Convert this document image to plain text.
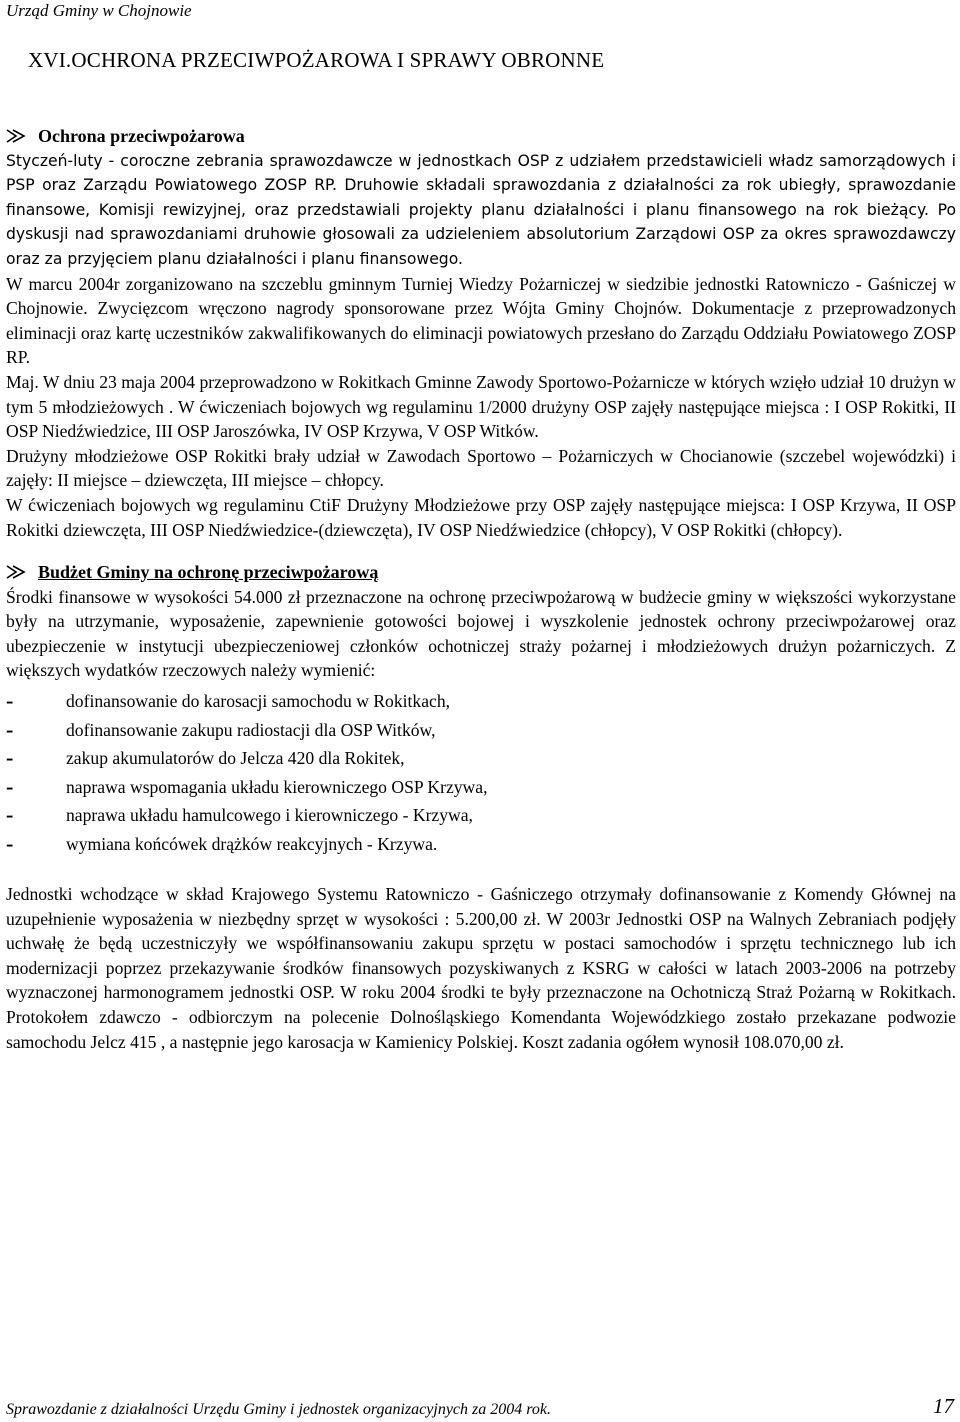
Urząd Gminy w Chojnowie
XVI.OCHRONA PRZECIWPOŻAROWA I SPRAWY OBRONNE
Ochrona przeciwpożarowa

Styczeń-luty - coroczne zebrania sprawozdawcze w jednostkach OSP z udziałem przedstawicieli władz samorządowych i PSP oraz Zarządu Powiatowego ZOSP RP. Druhowie składali sprawozdania z działalności za rok ubiegły, sprawozdanie finansowe, Komisji rewizyjnej, oraz przedstawiali projekty planu działalności i planu finansowego na rok bieżący. Po dyskusji nad sprawozdaniami druhowie głosowali za udzieleniem absolutorium Zarządowi OSP za okres sprawozdawczy oraz za przyjęciem planu działalności i planu finansowego.

W marcu 2004r zorganizowano na szczeblu gminnym Turniej Wiedzy Pożarniczej w siedzibie jednostki Ratowniczo - Gaśniczej w Chojnowie. Zwycięzcom wręczono nagrody sponsorowane przez Wójta Gminy Chojnów. Dokumentacje z przeprowadzonych eliminacji oraz kartę uczestników zakwalifikowanych do eliminacji powiatowych przesłano do Zarządu Oddziału Powiatowego ZOSP RP.

Maj. W dniu 23 maja 2004 przeprowadzono w Rokitkach Gminne Zawody Sportowo-Pożarnicze w których wzięło udział 10 drużyn w tym 5 młodzieżowych . W ćwiczeniach bojowych wg regulaminu 1/2000 drużyny OSP zajęły następujące miejsca : I OSP Rokitki, II OSP Niedźwiedzice, III OSP Jaroszówka, IV OSP Krzywa, V OSP Witków.

Drużyny młodzieżowe OSP Rokitki brały udział w Zawodach Sportowo – Pożarniczych w Chocianowie (szczebel wojewódzki) i zajęły: II miejsce – dziewczęta, III miejsce – chłopcy.

W ćwiczeniach bojowych wg regulaminu CtiF Drużyny Młodzieżowe przy OSP zajęły następujące miejsca: I OSP Krzywa, II OSP Rokitki dziewczęta, III OSP Niedźwiedzice-(dziewczęta), IV OSP Niedźwiedzice (chłopcy), V OSP Rokitki (chłopcy).

Budżet Gminy na ochronę przeciwpożarową

Środki finansowe w wysokości 54.000 zł przeznaczone na ochronę przeciwpożarową w budżecie gminy w większości wykorzystane były na utrzymanie, wyposażenie, zapewnienie gotowości bojowej i wyszkolenie jednostek ochrony przeciwpożarowej oraz ubezpieczenie w instytucji ubezpieczeniowej członków ochotniczej straży pożarnej i młodzieżowych drużyn pożarniczych. Z większych wydatków rzeczowych należy wymienić:

-	dofinansowanie do karosacji samochodu w Rokitkach,
-	dofinansowanie zakupu radiostacji dla OSP Witków,
-	zakup akumulatorów do Jelcza 420 dla Rokitek,
-	naprawa wspomagania układu kierowniczego OSP Krzywa,
-	naprawa układu hamulcowego i kierowniczego - Krzywa,
-	wymiana końcówek drążków reakcyjnych - Krzywa.

Jednostki wchodzące w skład Krajowego Systemu Ratowniczo - Gaśniczego otrzymały dofinansowanie z Komendy Głównej na uzupełnienie wyposażenia w niezbędny sprzęt w wysokości : 5.200,00 zł. W 2003r Jednostki OSP na Walnych Zebraniach podjęły uchwałę że będą uczestniczyły we współfinansowaniu zakupu sprzętu w postaci samochodów i sprzętu technicznego lub ich modernizacji poprzez przekazywanie środków finansowych pozyskiwanych z KSRG w całości w latach 2003-2006 na potrzeby wyznaczonej harmonogramem jednostki OSP. W roku 2004 środki te były przeznaczone na Ochotniczą Straż Pożarną w Rokitkach. Protokołem zdawczo - odbiorczym na polecenie Dolnośląskiego Komendanta Wojewódzkiego zostało przekazane podwozie samochodu Jelcz 415 , a następnie jego karosacja w Kamienicy Polskiej. Koszt zadania ogółem wynosił 108.070,00 zł.

Sprawozdanie z działalności Urzędu Gminy i jednostek organizacyjnych za 2004 rok.	17
